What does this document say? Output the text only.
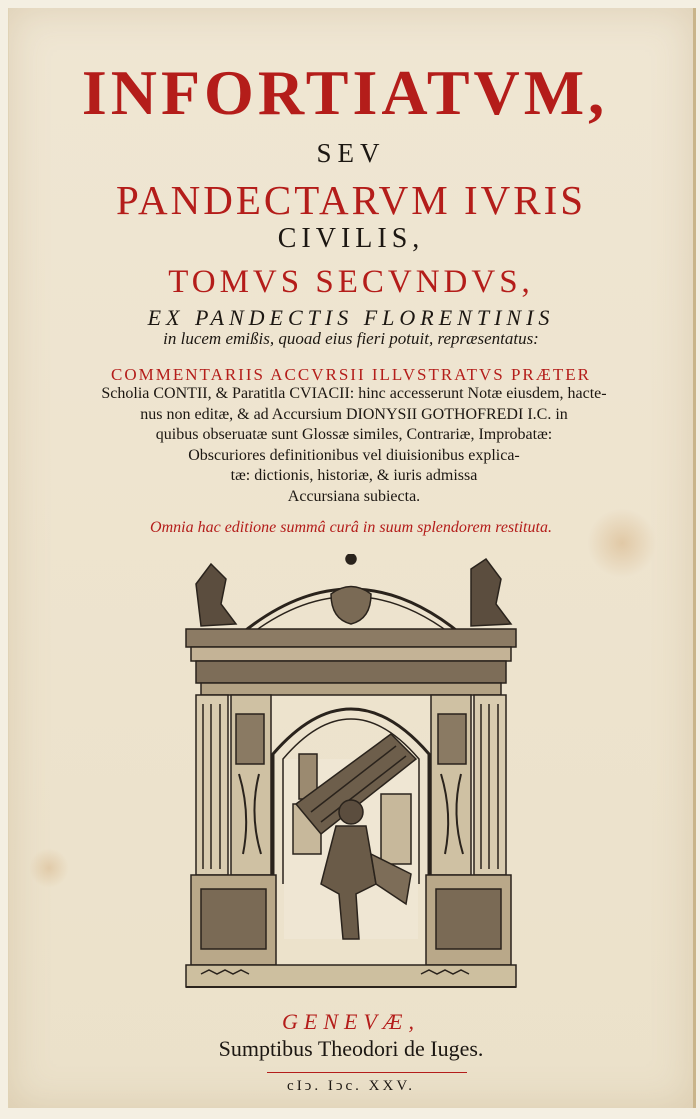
INFORTIATVM,
SEV
PANDECTARVM IVRIS
CIVILIS,
TOMVS SECVNDVS,
EX PANDECTIS FLORENTINIS
in lucem emißis, quoad eius fieri potuit, repræsentatus:
COMMENTARIIS ACCVRSII ILLVSTRATVS PRÆTER
Scholia CONTII, & Paratitla CVIACII: hinc accesserunt Notæ eiusdem, hacte-
nus non editæ, & ad Accursium DIONYSII GOTHOFREDI I.C. in
quibus obseruatæ sunt Glossæ similes, Contrariæ, Improbatæ:
Obscuriores definitionibus vel diuisionibus explica-
tæ: dictionis, historiæ, & iuris admissa
Accursiana subiecta.
Omnia hac editione summâ curâ in suum splendorem restituta.
GENEVÆ,
Sumptibus Theodori de Iuges.
cIↄ. Iↄc. XXV.
